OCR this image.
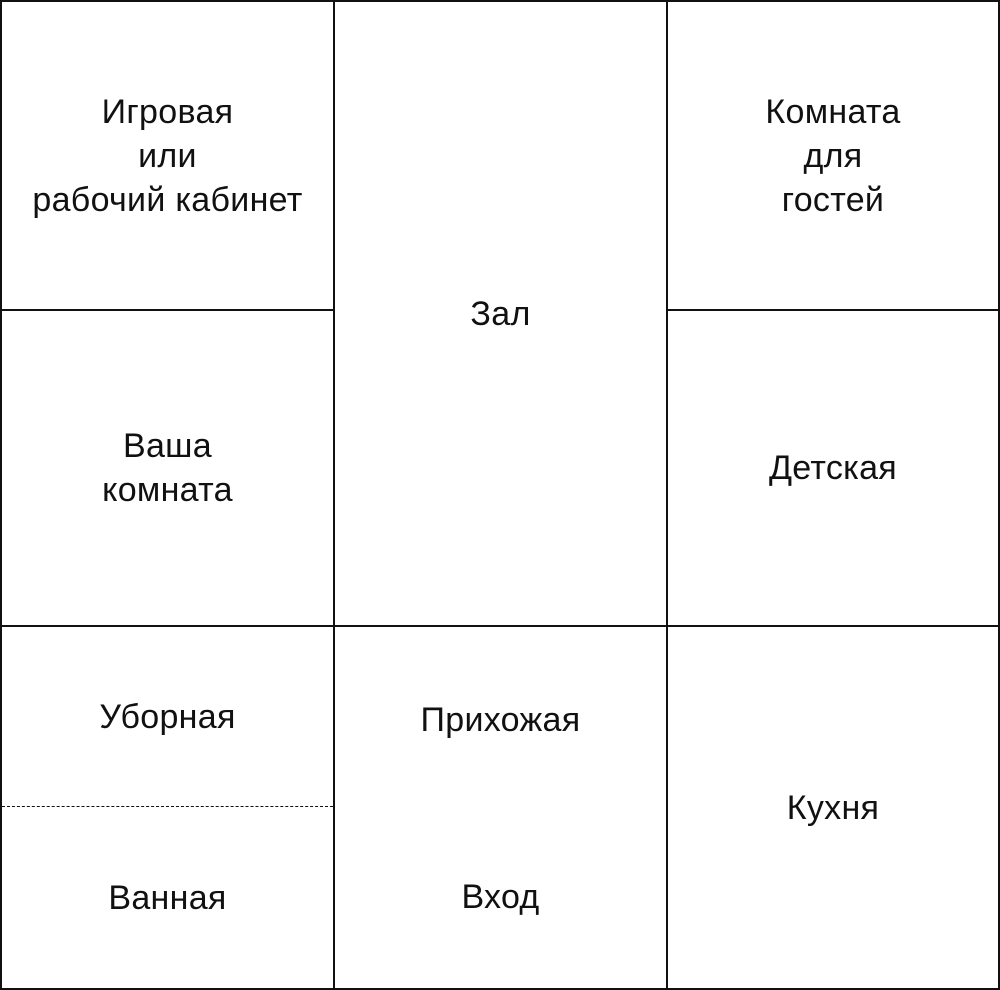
Игровая
или
рабочий кабинет
Ваша
комната
Зал
Комната
для
гостей
Детская
Уборная
Ванная
Прихожая
Вход
Кухня
